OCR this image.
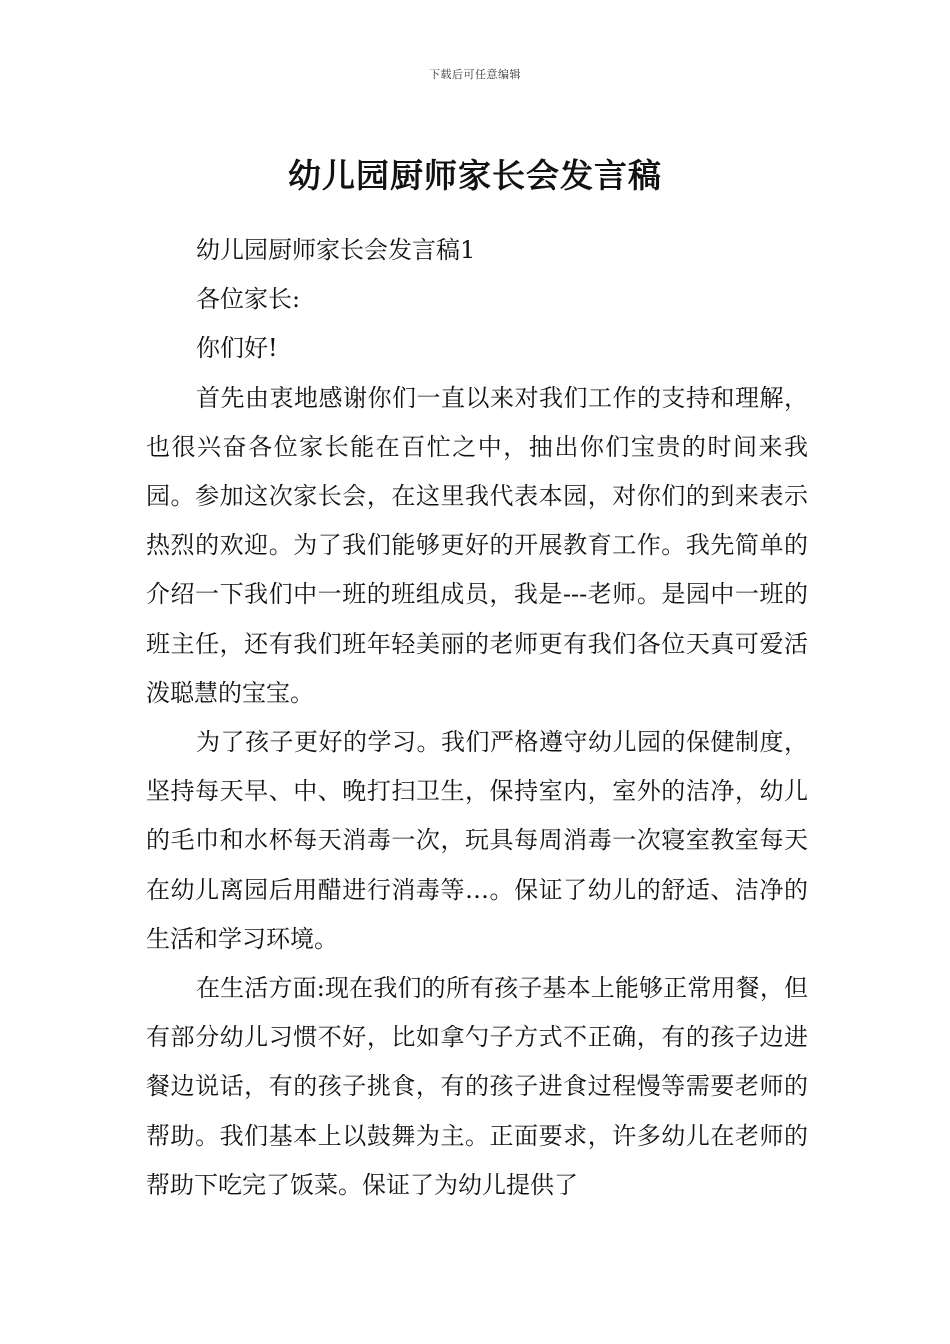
下载后可任意编辑
幼儿园厨师家长会发言稿

幼儿园厨师家长会发言稿1

各位家长:

你们好!

首先由衷地感谢你们一直以来对我们工作的支持和理解，也很兴奋各位家长能在百忙之中，抽出你们宝贵的时间来我园。参加这次家长会，在这里我代表本园，对你们的到来表示热烈的欢迎。为了我们能够更好的开展教育工作。我先简单的介绍一下我们中一班的班组成员，我是---老师。是园中一班的班主任，还有我们班年轻美丽的老师更有我们各位天真可爱活泼聪慧的宝宝。

为了孩子更好的学习。我们严格遵守幼儿园的保健制度，坚持每天早、中、晚打扫卫生，保持室内，室外的洁净，幼儿的毛巾和水杯每天消毒一次，玩具每周消毒一次寝室教室每天在幼儿离园后用醋进行消毒等…。保证了幼儿的舒适、洁净的生活和学习环境。

在生活方面:现在我们的所有孩子基本上能够正常用餐，但有部分幼儿习惯不好，比如拿勺子方式不正确，有的孩子边进餐边说话，有的孩子挑食，有的孩子进食过程慢等需要老师的帮助。我们基本上以鼓舞为主。正面要求，许多幼儿在老师的帮助下吃完了饭菜。保证了为幼儿提供了
